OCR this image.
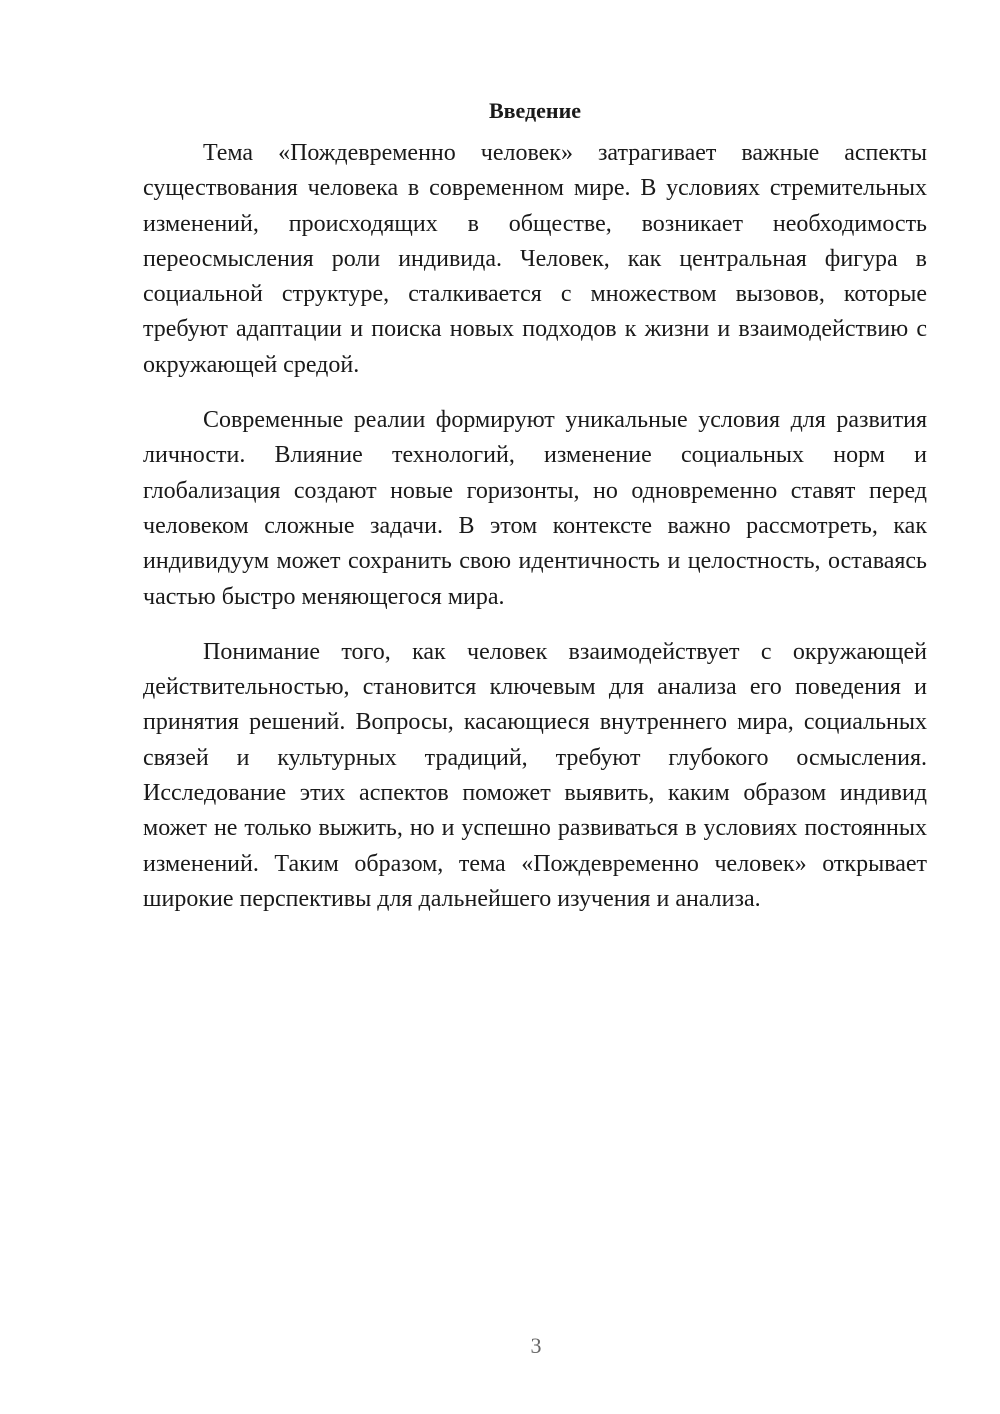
Введение

Тема «Пождевременно человек» затрагивает важные аспекты существования человека в современном мире. В условиях стремительных изменений, происходящих в обществе, возникает необходимость переосмысления роли индивида. Человек, как центральная фигура в социальной структуре, сталкивается с множеством вызовов, которые требуют адаптации и поиска новых подходов к жизни и взаимодействию с окружающей средой.

Современные реалии формируют уникальные условия для развития личности. Влияние технологий, изменение социальных норм и глобализация создают новые горизонты, но одновременно ставят перед человеком сложные задачи. В этом контексте важно рассмотреть, как индивидуум может сохранить свою идентичность и целостность, оставаясь частью быстро меняющегося мира.

Понимание того, как человек взаимодействует с окружающей действительностью, становится ключевым для анализа его поведения и принятия решений. Вопросы, касающиеся внутреннего мира, социальных связей и культурных традиций, требуют глубокого осмысления. Исследование этих аспектов поможет выявить, каким образом индивид может не только выжить, но и успешно развиваться в условиях постоянных изменений. Таким образом, тема «Пождевременно человек» открывает широкие перспективы для дальнейшего изучения и анализа.

3
